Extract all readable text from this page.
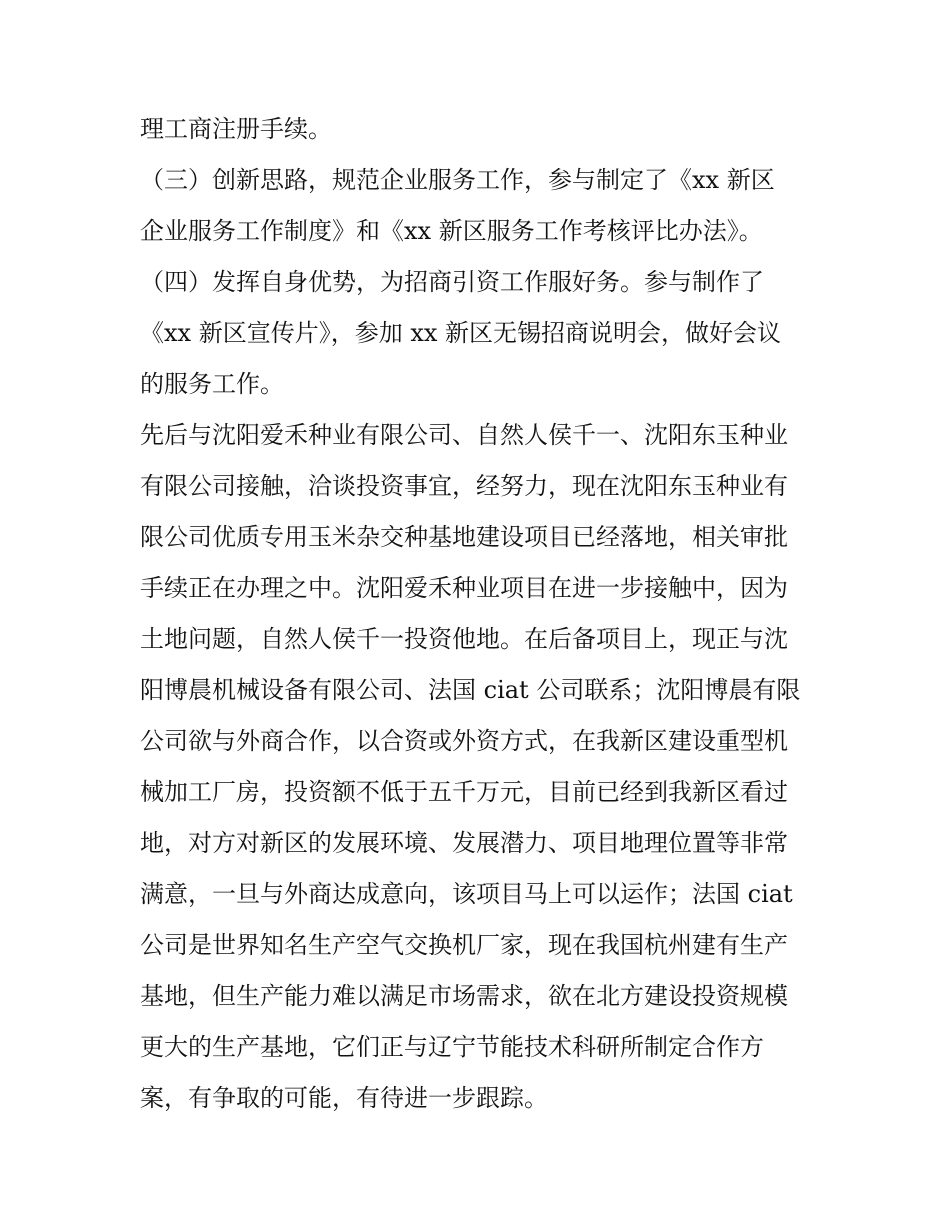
理工商注册手续。
（三）创新思路，规范企业服务工作，参与制定了《xx 新区
企业服务工作制度》和《xx 新区服务工作考核评比办法》。
（四）发挥自身优势，为招商引资工作服好务。参与制作了
《xx 新区宣传片》，参加 xx 新区无锡招商说明会，做好会议
的服务工作。
先后与沈阳爱禾种业有限公司、自然人侯千一、沈阳东玉种业
有限公司接触，洽谈投资事宜，经努力，现在沈阳东玉种业有
限公司优质专用玉米杂交种基地建设项目已经落地，相关审批
手续正在办理之中。沈阳爱禾种业项目在进一步接触中，因为
土地问题，自然人侯千一投资他地。在后备项目上，现正与沈
阳博晨机械设备有限公司、法国 ciat 公司联系；沈阳博晨有限
公司欲与外商合作，以合资或外资方式，在我新区建设重型机
械加工厂房，投资额不低于五千万元，目前已经到我新区看过
地，对方对新区的发展环境、发展潜力、项目地理位置等非常
满意，一旦与外商达成意向，该项目马上可以运作；法国 ciat
公司是世界知名生产空气交换机厂家，现在我国杭州建有生产
基地，但生产能力难以满足市场需求，欲在北方建设投资规模
更大的生产基地，它们正与辽宁节能技术科研所制定合作方
案，有争取的可能，有待进一步跟踪。
